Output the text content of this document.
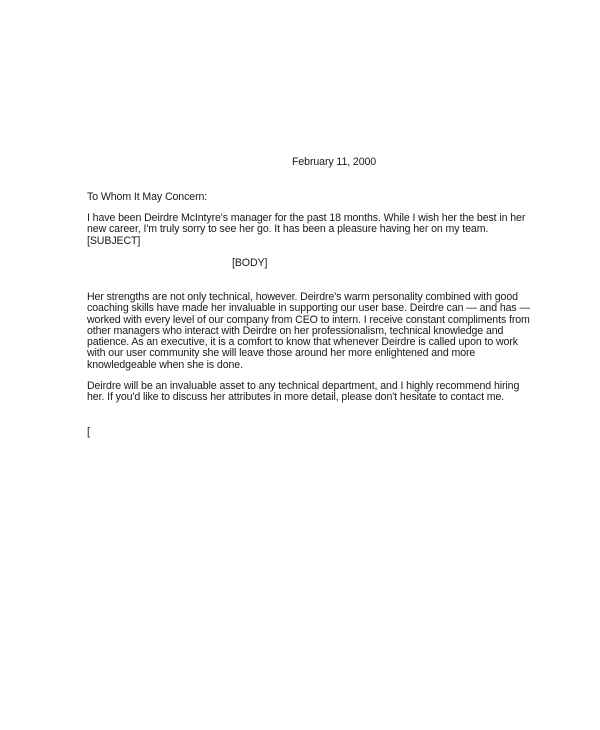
February 11, 2000

To Whom It May Concern:

I have been Deirdre McIntyre's manager for the past 18 months. While I wish her the best in her
new career, I'm truly sorry to see her go. It has been a pleasure having her on my team.
[SUBJECT]

[BODY]

Her strengths are not only technical, however. Deirdre's warm personality combined with good
coaching skills have made her invaluable in supporting our user base. Deirdre can — and has —
worked with every level of our company from CEO to intern. I receive constant compliments from
other managers who interact with Deirdre on her professionalism, technical knowledge and
patience. As an executive, it is a comfort to know that whenever Deirdre is called upon to work
with our user community she will leave those around her more enlightened and more
knowledgeable when she is done.
Deirdre will be an invaluable asset to any technical department, and I highly recommend hiring
her. If you'd like to discuss her attributes in more detail, please don't hesitate to contact me.

[
